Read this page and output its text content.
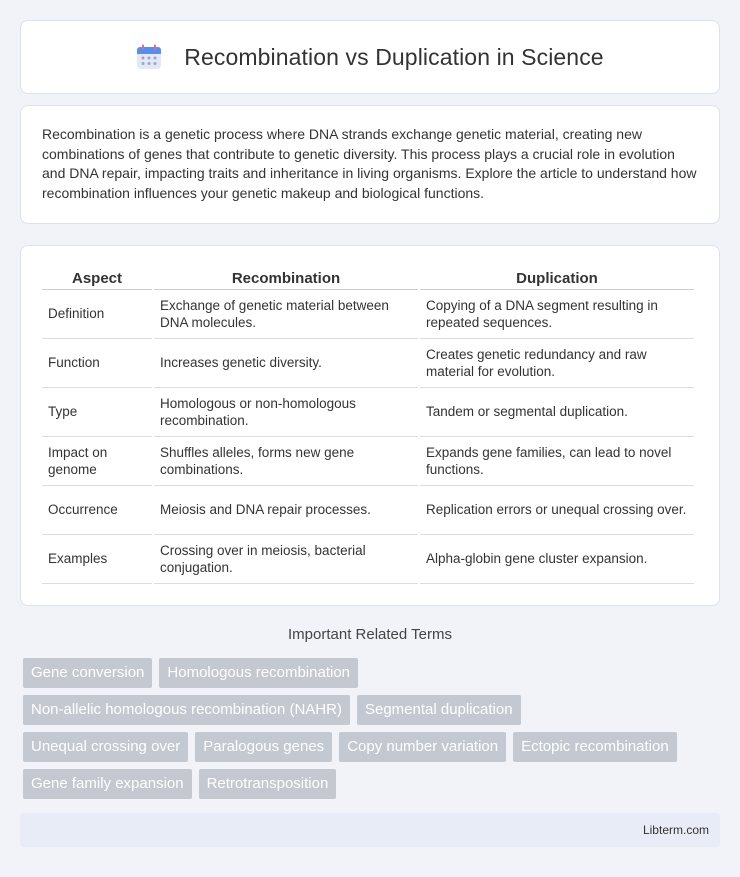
Recombination vs Duplication in Science

Recombination is a genetic process where DNA strands exchange genetic material, creating new combinations of genes that contribute to genetic diversity. This process plays a crucial role in evolution and DNA repair, impacting traits and inheritance in living organisms. Explore the article to understand how recombination influences your genetic makeup and biological functions.

Aspect	Recombination	Duplication
Definition	Exchange of genetic material between DNA molecules.	Copying of a DNA segment resulting in repeated sequences.
Function	Increases genetic diversity.	Creates genetic redundancy and raw material for evolution.
Type	Homologous or non-homologous recombination.	Tandem or segmental duplication.
Impact on genome	Shuffles alleles, forms new gene combinations.	Expands gene families, can lead to novel functions.
Occurrence	Meiosis and DNA repair processes.	Replication errors or unequal crossing over.
Examples	Crossing over in meiosis, bacterial conjugation.	Alpha-globin gene cluster expansion.
Important Related Terms
Gene conversion	Homologous recombination
Non-allelic homologous recombination (NAHR)	Segmental duplication
Unequal crossing over	Paralogous genes	Copy number variation	Ectopic recombination
Gene family expansion	Retrotransposition
Libterm.com
